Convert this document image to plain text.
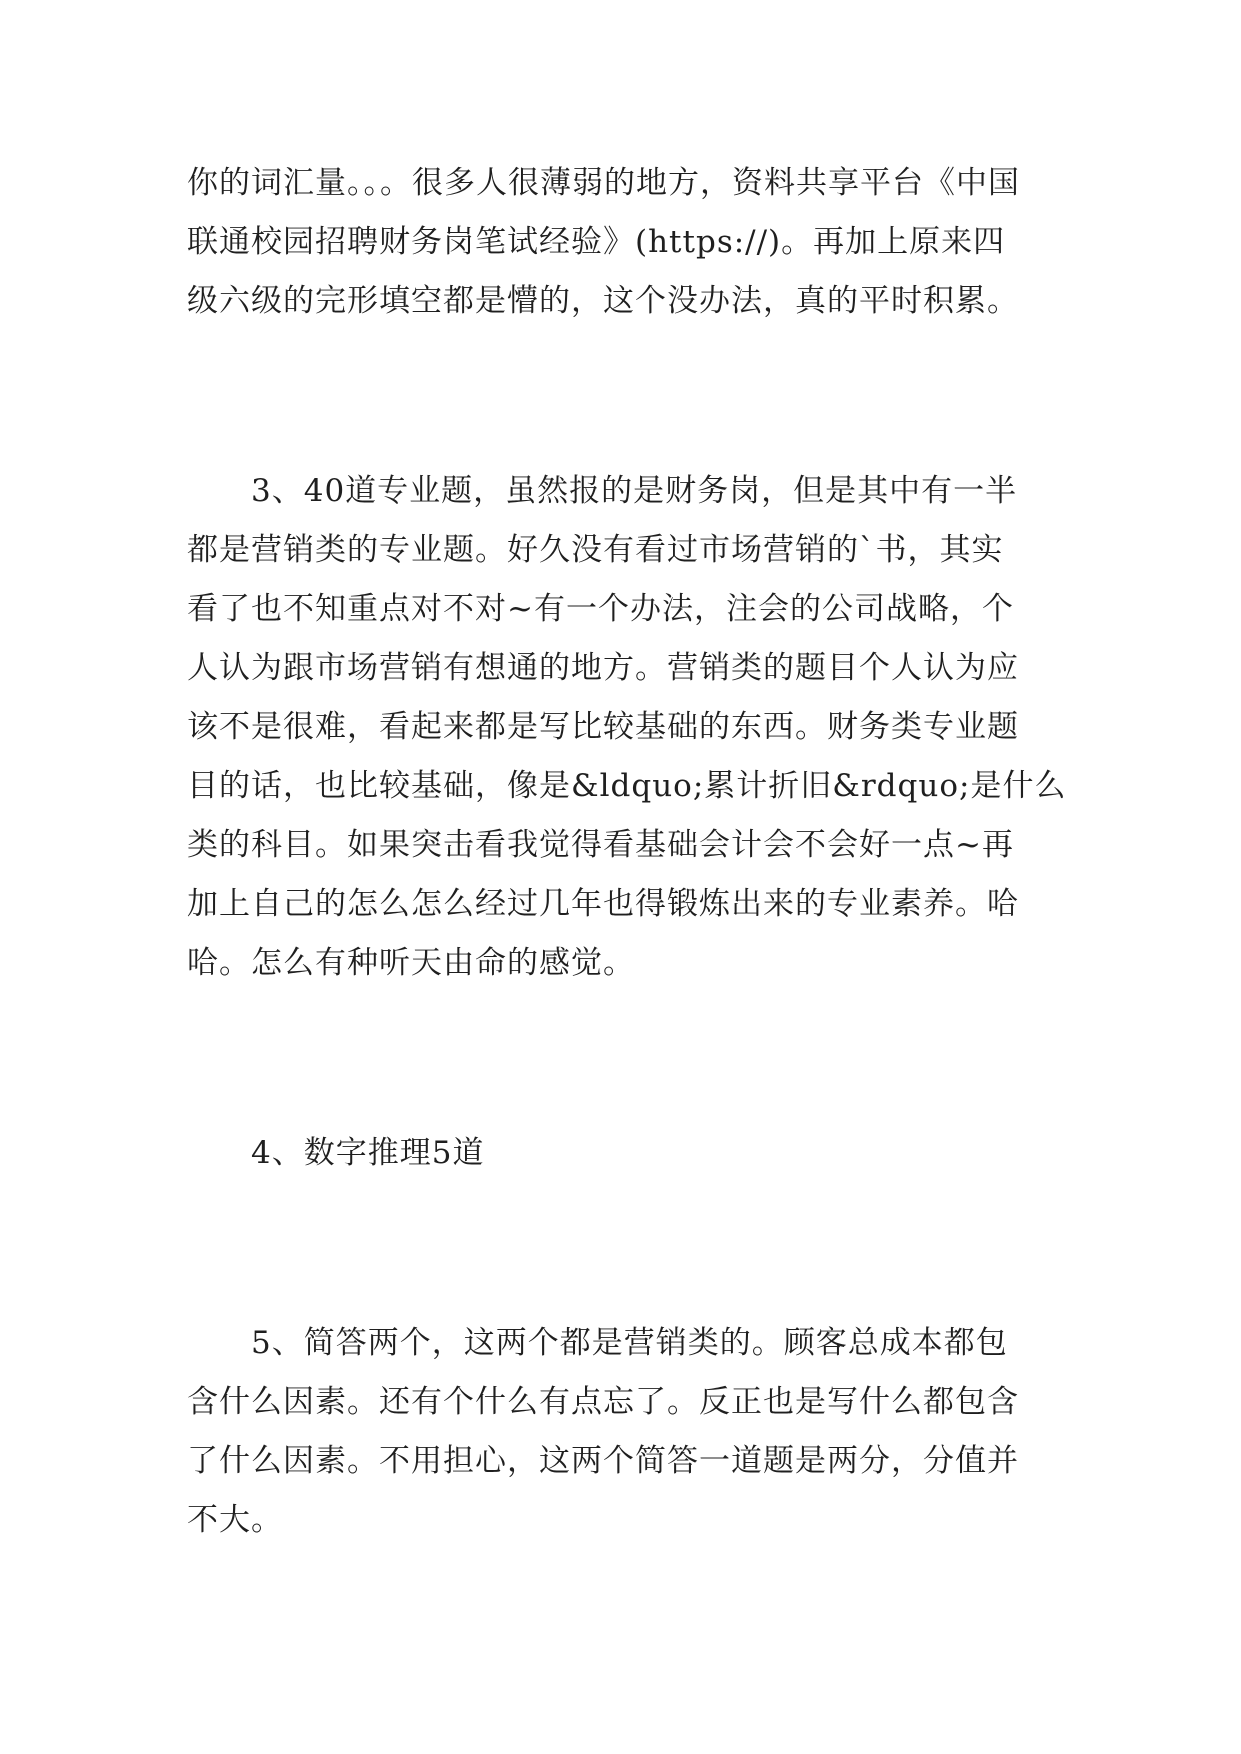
你的词汇量。。。很多人很薄弱的地方，资料共享平台《中国
联通校园招聘财务岗笔试经验》(https://)。再加上原来四
级六级的完形填空都是懵的，这个没办法，真的平时积累。
3、40道专业题，虽然报的是财务岗，但是其中有一半
都是营销类的专业题。好久没有看过市场营销的`书，其实
看了也不知重点对不对~有一个办法，注会的公司战略，个
人认为跟市场营销有想通的地方。营销类的题目个人认为应
该不是很难，看起来都是写比较基础的东西。财务类专业题
目的话，也比较基础，像是&ldquo;累计折旧&rdquo;是什么
类的科目。如果突击看我觉得看基础会计会不会好一点~再
加上自己的怎么怎么经过几年也得锻炼出来的专业素养。哈
哈。怎么有种听天由命的感觉。
4、数字推理5道
5、简答两个，这两个都是营销类的。顾客总成本都包
含什么因素。还有个什么有点忘了。反正也是写什么都包含
了什么因素。不用担心，这两个简答一道题是两分，分值并
不大。
